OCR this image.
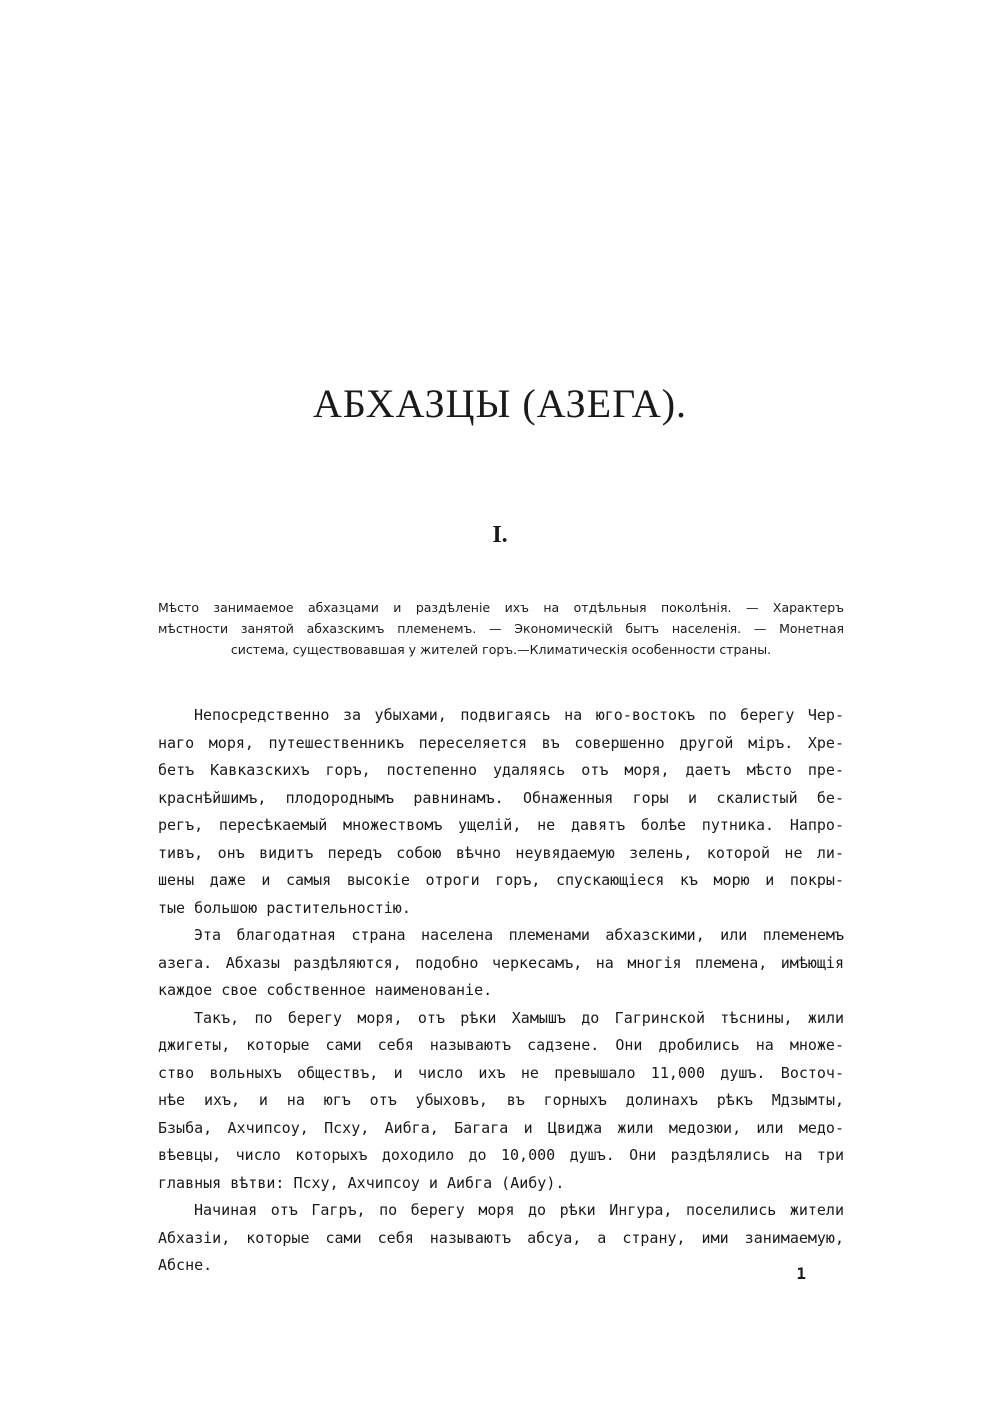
АБХАЗЦЫ (АЗЕГА).
I.
Мѣсто занимаемое абхазцами и раздѣленіе ихъ на отдѣльныя поколѣнія. — Характеръ
мѣстности занятой абхазскимъ племенемъ. — Экономическій бытъ населенія. — Монетная
система, существовавшая у жителей горъ.—Климатическія особенности страны.
Непосредственно за убыхами, подвигаясь на юго-востокъ по берегу Чер-
наго моря, путешественникъ переселяется въ совершенно другой міръ. Хре-
бетъ Кавказскихъ горъ, постепенно удаляясь отъ моря, даетъ мѣсто пре-
краснѣйшимъ, плодороднымъ равнинамъ. Обнаженныя горы и скалистый бе-
регъ, пересѣкаемый множествомъ ущелій, не давятъ болѣе путника. Напро-
тивъ, онъ видитъ передъ собою вѣчно неувядаемую зелень, которой не ли-
шены даже и самыя высокіе отроги горъ, спускающіеся къ морю и покры-
тые большою растительностію.
Эта благодатная страна населена племенами абхазскими, или племенемъ
азега. Абхазы раздѣляются, подобно черкесамъ, на многія племена, имѣющія
каждое свое собственное наименованіе.
Такъ, по берегу моря, отъ рѣки Хамышъ до Гагринской тѣснины, жили
джигеты, которые сами себя называютъ садзене. Они дробились на множе-
ство вольныхъ обществъ, и число ихъ не превышало 11,000 душъ. Восточ-
нѣе ихъ, и на югъ отъ убыховъ, въ горныхъ долинахъ рѣкъ Мдзымты,
Бзыба, Ахчипсоу, Псху, Аибга, Багага и Цвиджа жили медозюи, или медо-
вѣевцы, число которыхъ доходило до 10,000 душъ. Они раздѣлялись на три
главныя вѣтви: Псху, Ахчипсоу и Аибга (Аибу).
Начиная отъ Гагръ, по берегу моря до рѣки Ингура, поселились жители
Абхазіи, которые сами себя называютъ абсуа, а страну, ими занимаемую,
Абсне.	1
